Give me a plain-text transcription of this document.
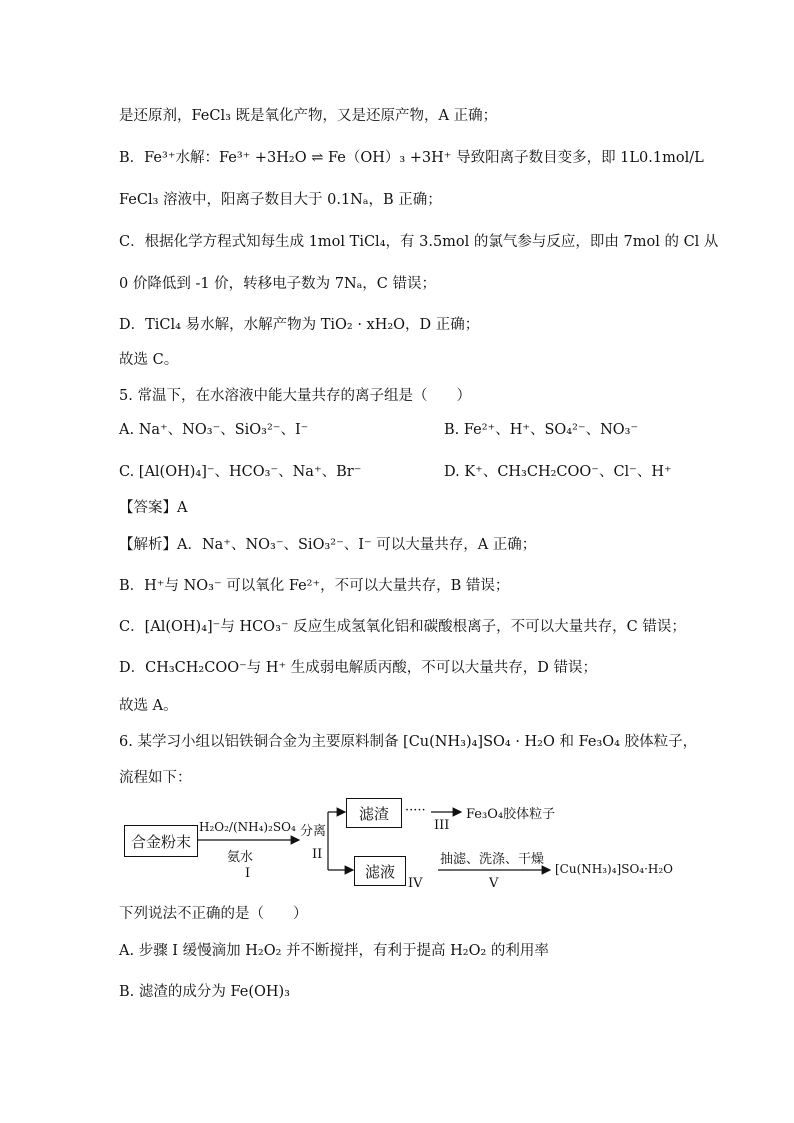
是还原剂，FeCl₃ 既是氧化产物，又是还原产物，A 正确；
B．Fe³⁺水解：Fe³⁺ +3H₂O ⇌ Fe（OH）₃ +3H⁺ 导致阳离子数目变多，即 1L0.1mol/L
FeCl₃ 溶液中，阳离子数目大于 0.1Nₐ，B 正确；
C．根据化学方程式知每生成 1mol TiCl₄，有 3.5mol 的氯气参与反应，即由 7mol 的 Cl 从
0 价降低到 -1 价，转移电子数为 7Nₐ，C 错误；
D．TiCl₄ 易水解，水解产物为 TiO₂ · xH₂O，D 正确；
故选 C。
5. 常温下，在水溶液中能大量共存的离子组是（　　）
A. Na⁺、NO₃⁻、SiO₃²⁻、I⁻	B. Fe²⁺、H⁺、SO₄²⁻、NO₃⁻
C. [Al(OH)₄]⁻、HCO₃⁻、Na⁺、Br⁻	D. K⁺、CH₃CH₂COO⁻、Cl⁻、H⁺
【答案】A
【解析】A．Na⁺、NO₃⁻、SiO₃²⁻、I⁻ 可以大量共存，A 正确；
B．H⁺与 NO₃⁻ 可以氧化 Fe²⁺，不可以大量共存，B 错误；
C．[Al(OH)₄]⁻与 HCO₃⁻ 反应生成氢氧化铝和碳酸根离子，不可以大量共存，C 错误；
D．CH₃CH₂COO⁻与 H⁺ 生成弱电解质丙酸，不可以大量共存，D 错误；
故选 A。
6. 某学习小组以铝铁铜合金为主要原料制备 [Cu(NH₃)₄]SO₄ · H₂O 和 Fe₃O₄ 胶体粒子，
流程如下：
合金粉末
H₂O₂/(NH₄)₂SO₄
氨水
I
分离
II
滤渣	·····
III
Fe₃O₄胶体粒子
滤液
抽滤、洗涤、干燥
IV	V
[Cu(NH₃)₄]SO₄·H₂O
下列说法不正确的是（　　）
A. 步骤 I 缓慢滴加 H₂O₂ 并不断搅拌，有利于提高 H₂O₂ 的利用率
B. 滤渣的成分为 Fe(OH)₃
